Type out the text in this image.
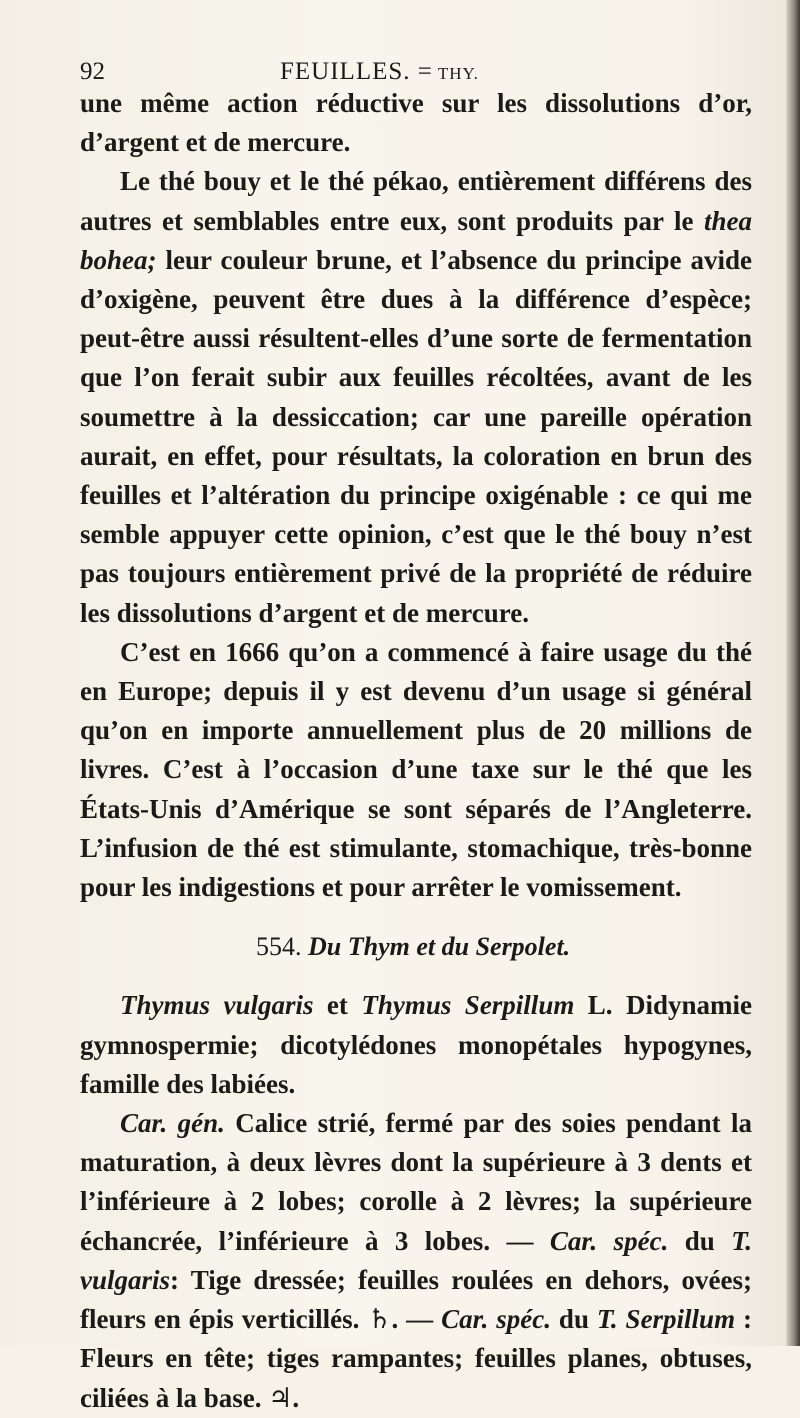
92	FEUILLES. = THY.

une même action réductive sur les dissolutions d’or, d’argent et de mercure.

Le thé bouy et le thé pékao, entièrement différens des autres et semblables entre eux, sont produits par le thea bohea; leur couleur brune, et l’absence du principe avide d’oxigène, peuvent être dues à la différence d’espèce; peut-être aussi résultent-elles d’une sorte de fermentation que l’on ferait subir aux feuilles récoltées, avant de les soumettre à la dessiccation; car une pareille opération aurait, en effet, pour résultats, la coloration en brun des feuilles et l’altération du principe oxigénable : ce qui me semble appuyer cette opinion, c’est que le thé bouy n’est pas toujours entièrement privé de la propriété de réduire les dissolutions d’argent et de mercure.

C’est en 1666 qu’on a commencé à faire usage du thé en Europe; depuis il y est devenu d’un usage si général qu’on en importe annuellement plus de 20 millions de livres. C’est à l’occasion d’une taxe sur le thé que les États-Unis d’Amérique se sont séparés de l’Angleterre. L’infusion de thé est stimulante, stomachique, très-bonne pour les indigestions et pour arrêter le vomissement.

554. Du Thym et du Serpolet.

Thymus vulgaris et Thymus Serpillum L. Didynamie gymnospermie; dicotylédones monopétales hypogynes, famille des labiées.

Car. gén. Calice strié, fermé par des soies pendant la maturation, à deux lèvres dont la supérieure à 3 dents et l’inférieure à 2 lobes; corolle à 2 lèvres; la supérieure échancrée, l’inférieure à 3 lobes. — Car. spéc. du T. vulgaris: Tige dressée; feuilles roulées en dehors, ovées; fleurs en épis verticillés. ♄. — Car. spéc. du T. Serpillum : Fleurs en tête; tiges rampantes; feuilles planes, obtuses, ciliées à la base. ♃.
